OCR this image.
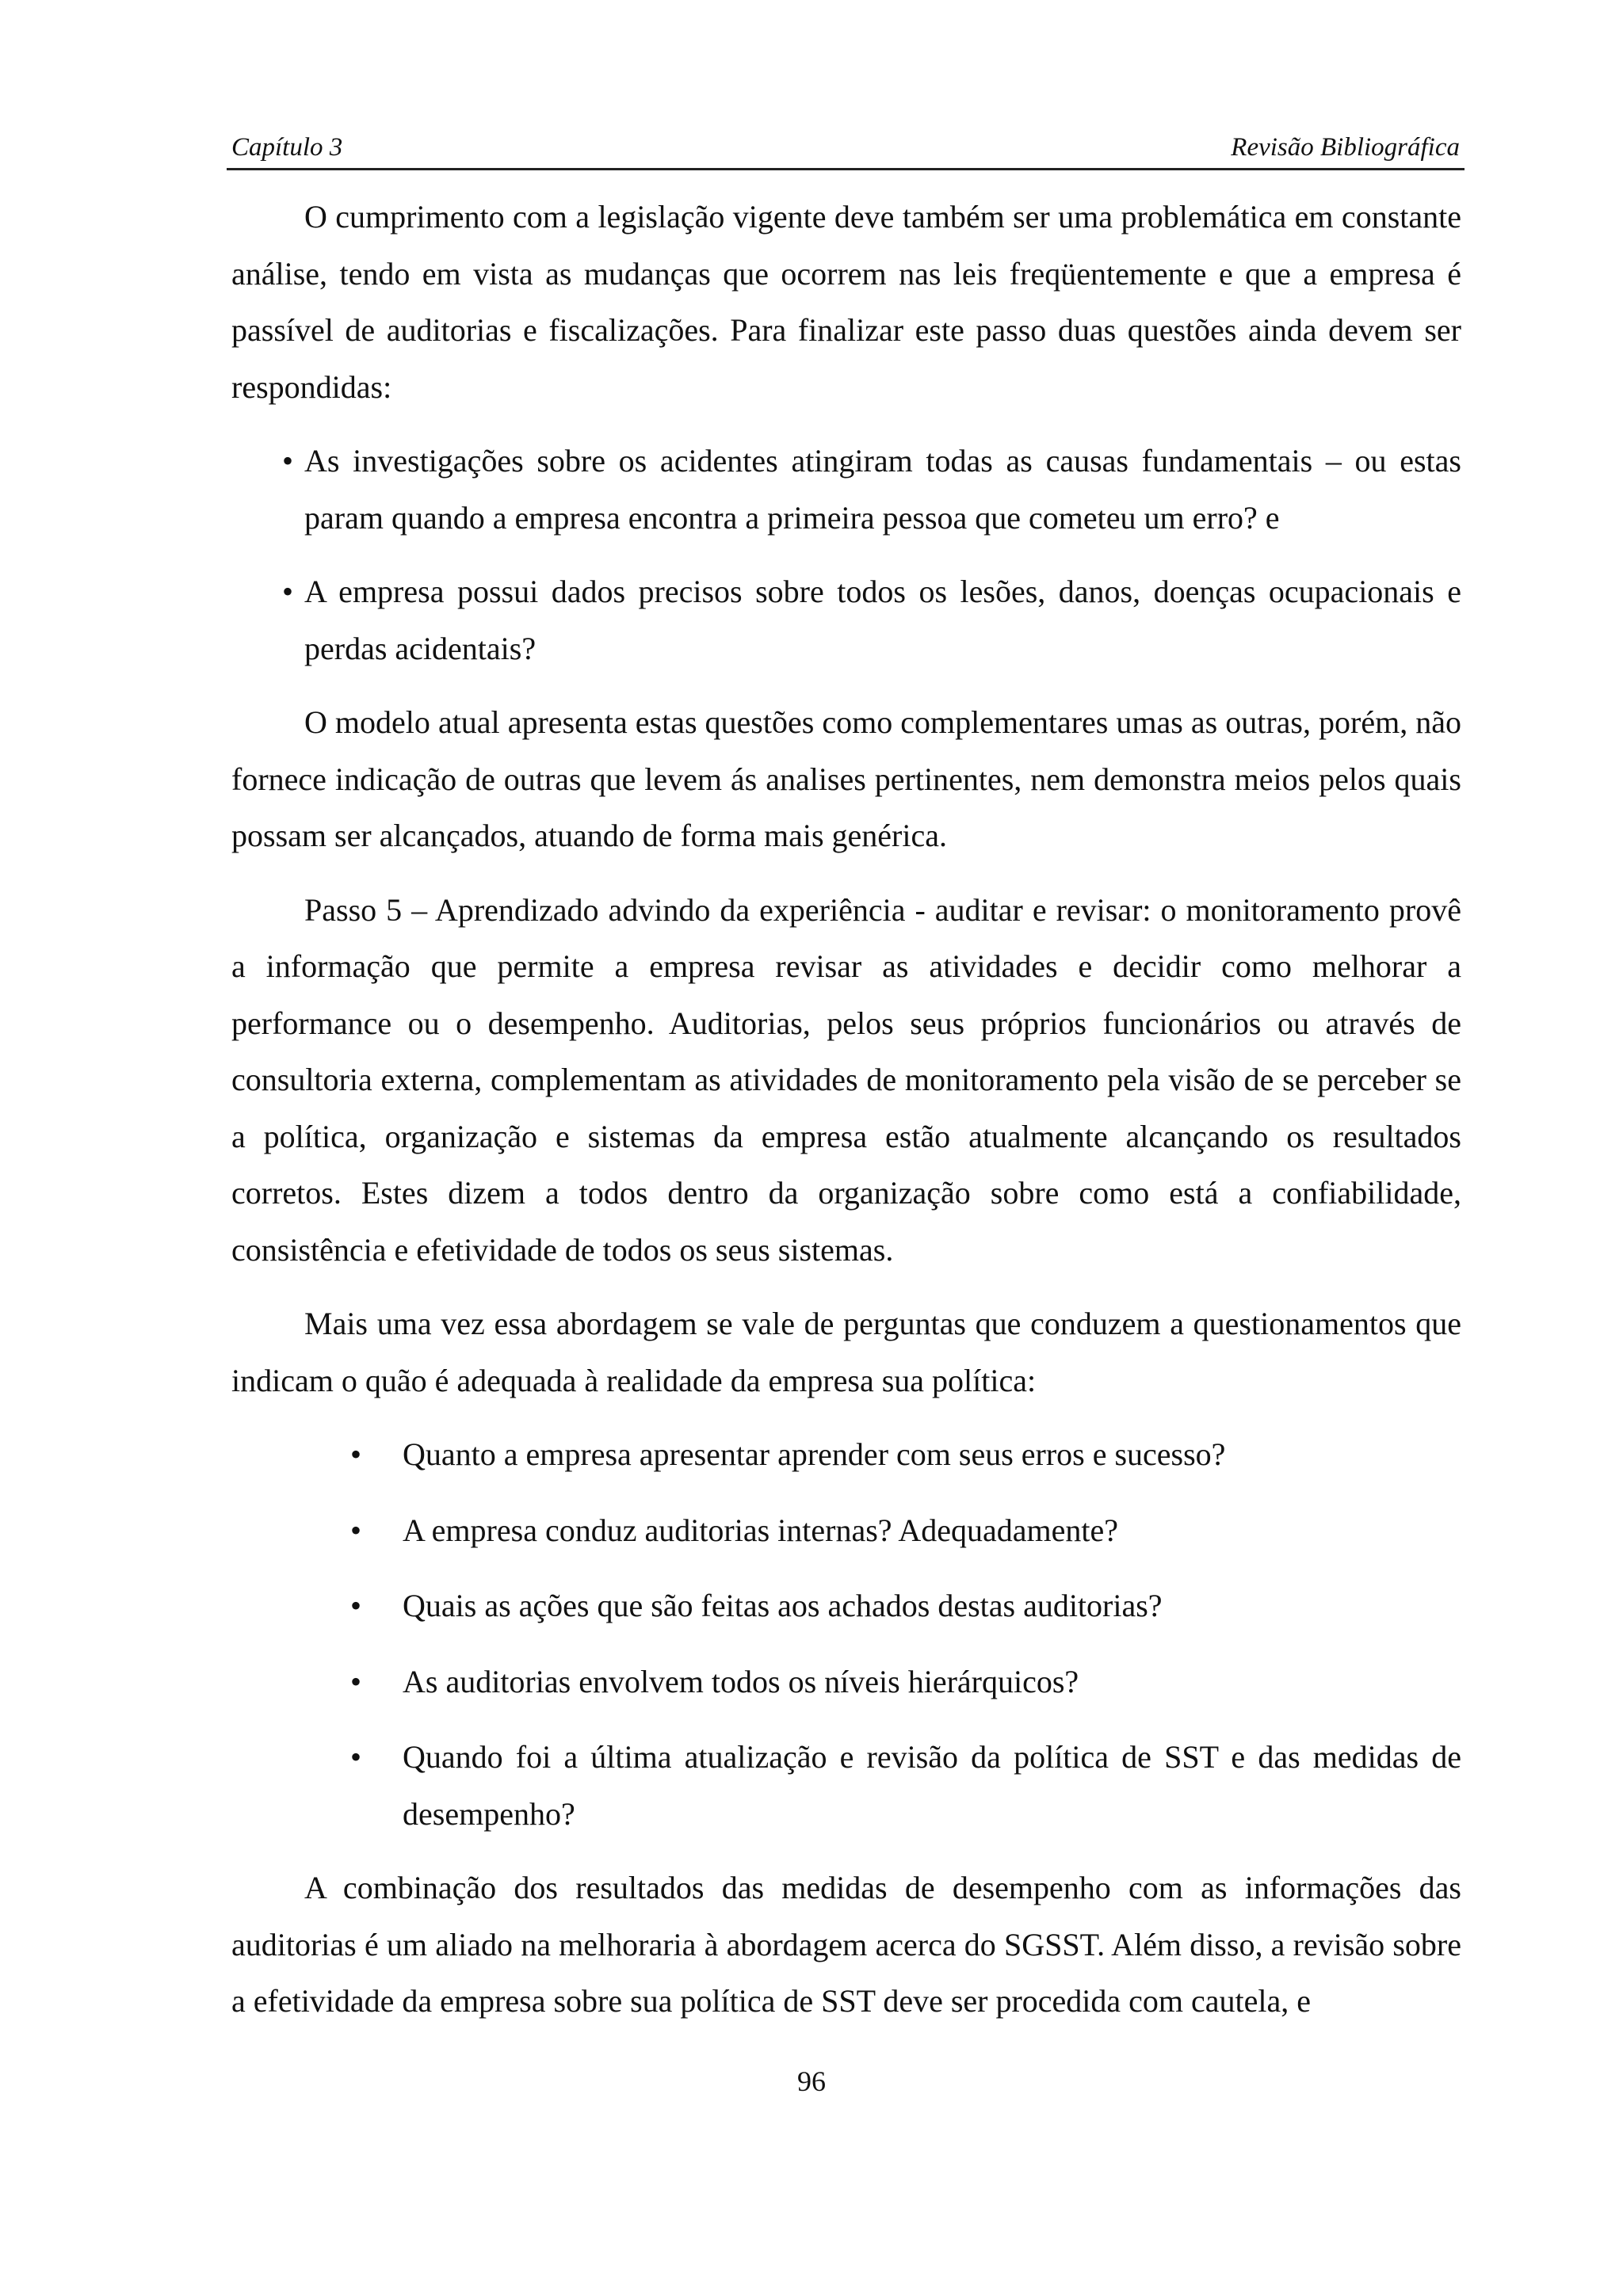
Capítulo 3	Revisão Bibliográfica

O cumprimento com a legislação vigente deve também ser uma problemática em constante análise, tendo em vista as mudanças que ocorrem nas leis freqüentemente e que a empresa é passível de auditorias e fiscalizações. Para finalizar este passo duas questões ainda devem ser respondidas:

• As investigações sobre os acidentes atingiram todas as causas fundamentais – ou estas param quando a empresa encontra a primeira pessoa que cometeu um erro? e
• A empresa possui dados precisos sobre todos os lesões, danos, doenças ocupacionais e perdas acidentais?

O modelo atual apresenta estas questões como complementares umas as outras, porém, não fornece indicação de outras que levem ás analises pertinentes, nem demonstra meios pelos quais possam ser alcançados, atuando de forma mais genérica.

Passo 5 – Aprendizado advindo da experiência - auditar e revisar: o monitoramento provê a informação que permite a empresa revisar as atividades e decidir como melhorar a performance ou o desempenho. Auditorias, pelos seus próprios funcionários ou através de consultoria externa, complementam as atividades de monitoramento pela visão de se perceber se a política, organização e sistemas da empresa estão atualmente alcançando os resultados corretos. Estes dizem a todos dentro da organização sobre como está a confiabilidade, consistência e efetividade de todos os seus sistemas.

Mais uma vez essa abordagem se vale de perguntas que conduzem a questionamentos que indicam o quão é adequada à realidade da empresa sua política:

• Quanto a empresa apresentar aprender com seus erros e sucesso?
• A empresa conduz auditorias internas? Adequadamente?
• Quais as ações que são feitas aos achados destas auditorias?
• As auditorias envolvem todos os níveis hierárquicos?
• Quando foi a última atualização e revisão da política de SST e das medidas de desempenho?

A combinação dos resultados das medidas de desempenho com as informações das auditorias é um aliado na melhoraria à abordagem acerca do SGSST. Além disso, a revisão sobre a efetividade da empresa sobre sua política de SST deve ser procedida com cautela, e

96
